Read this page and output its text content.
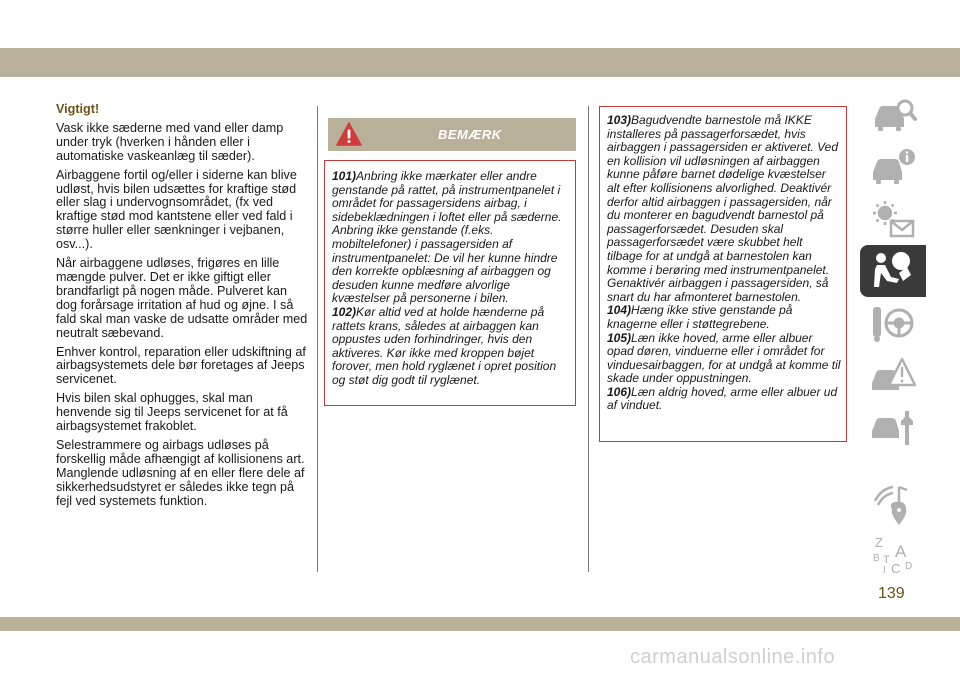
Vigtigt!

Vask ikke sæderne med vand eller damp under tryk (hverken i hånden eller i automatiske vaskeanlæg til sæder).

Airbaggene fortil og/eller i siderne kan blive udløst, hvis bilen udsættes for kraftige stød eller slag i undervognsområdet, (fx ved kraftige stød mod kantstene eller ved fald i større huller eller sænkninger i vejbanen, osv...).

Når airbaggene udløses, frigøres en lille mængde pulver. Det er ikke giftigt eller brandfarligt på nogen måde. Pulveret kan dog forårsage irritation af hud og øjne. I så fald skal man vaske de udsatte områder med neutralt sæbevand.

Enhver kontrol, reparation eller udskiftning af airbagsystemets dele bør foretages af Jeeps servicenet.

Hvis bilen skal ophugges, skal man henvende sig til Jeeps servicenet for at få airbagsystemet frakoblet.

Selestrammere og airbags udløses på forskellig måde afhængigt af kollisionens art. Manglende udløsning af en eller flere dele af sikkerhedsudstyret er således ikke tegn på fejl ved systemets funktion.

BEMÆRK

101)Anbring ikke mærkater eller andre genstande på rattet, på instrumentpanelet i området for passagersidens airbag, i sidebeklædningen i loftet eller på sæderne. Anbring ikke genstande (f.eks. mobiltelefoner) i passagersiden af instrumentpanelet: De vil her kunne hindre den korrekte opblæsning af airbaggen og desuden kunne medføre alvorlige kvæstelser på personerne i bilen.

102)Kør altid ved at holde hænderne på rattets krans, således at airbaggen kan oppustes uden forhindringer, hvis den aktiveres. Kør ikke med kroppen bøjet forover, men hold ryglænet i opret position og støt dig godt til ryglænet.

103)Bagudvendte barnestole må IKKE installeres på passagerforsædet, hvis airbaggen i passagersiden er aktiveret. Ved en kollision vil udløsningen af airbaggen kunne påføre barnet dødelige kvæstelser alt efter kollisionens alvorlighed. Deaktivér derfor altid airbaggen i passagersiden, når du monterer en bagudvendt barnestol på passagerforsædet. Desuden skal passagerforsædet være skubbet helt tilbage for at undgå at barnestolen kan komme i berøring med instrumentpanelet. Genaktivér airbaggen i passagersiden, så snart du har afmonteret barnestolen.

104)Hæng ikke stive genstande på knagerne eller i støttegrebene.

105)Læn ikke hoved, arme eller albuer opad døren, vinduerne eller i området for vinduesairbaggen, for at undgå at komme til skade under oppustningen.

106)Læn aldrig hoved, arme eller albuer ud af vinduet.

Z A
B
C D
I
T
139
carmanualsonline.info
